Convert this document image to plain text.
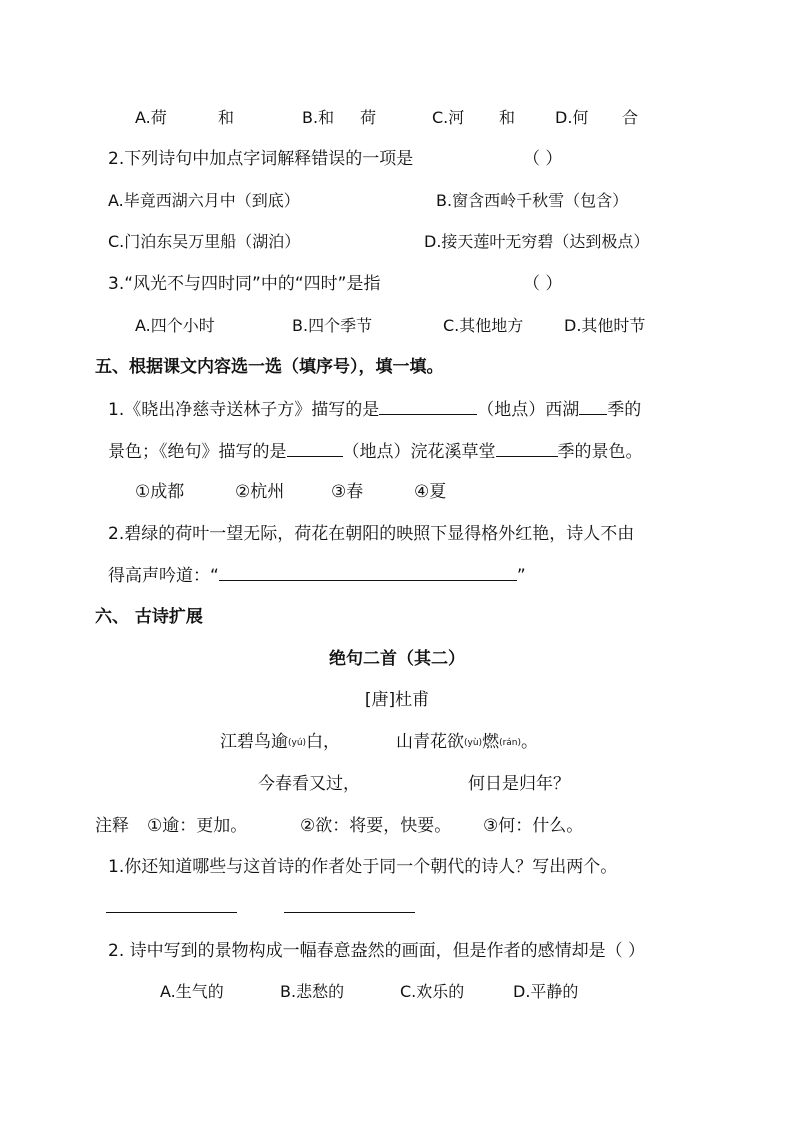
A.荷	和	B.和 荷	C.河 和 D.何 合
2.下列诗句中加点字词解释错误的一项是	（ ）
A.毕竟西湖六月中（到底）	B.窗含西岭千秋雪（包含）
C.门泊东吴万里船（湖泊）	D.接天莲叶无穷碧（达到极点）
3.“风光不与四时同”中的“四时”是指	（ ）
A.四个小时	B.四个季节	C.其他地方	D.其他时节
五、根据课文内容选一选（填序号），填一填。
1.《晓出净慈寺送林子方》描写的是	（地点）西湖 季的
景色；《绝句》描写的是	（地点）浣花溪草堂	季的景色。
①成都	②杭州	③春	④夏
2.碧绿的荷叶一望无际，荷花在朝阳的映照下显得格外红艳，诗人不由
得高声吟道：“	”
六、 古诗扩展
绝句二首（其二）
[唐]杜甫
江碧鸟逾(yú)白，	山青花欲(yù)燃(rán)。
今春看又过，	何日是归年？
注释 ①逾：更加。	②欲：将要，快要。 ③何：什么。
1.你还知道哪些与这首诗的作者处于同一个朝代的诗人？写出两个。
2. 诗中写到的景物构成一幅春意盎然的画面，但是作者的感情却是（ ）
A.生气的	B.悲愁的	C.欢乐的	D.平静的
